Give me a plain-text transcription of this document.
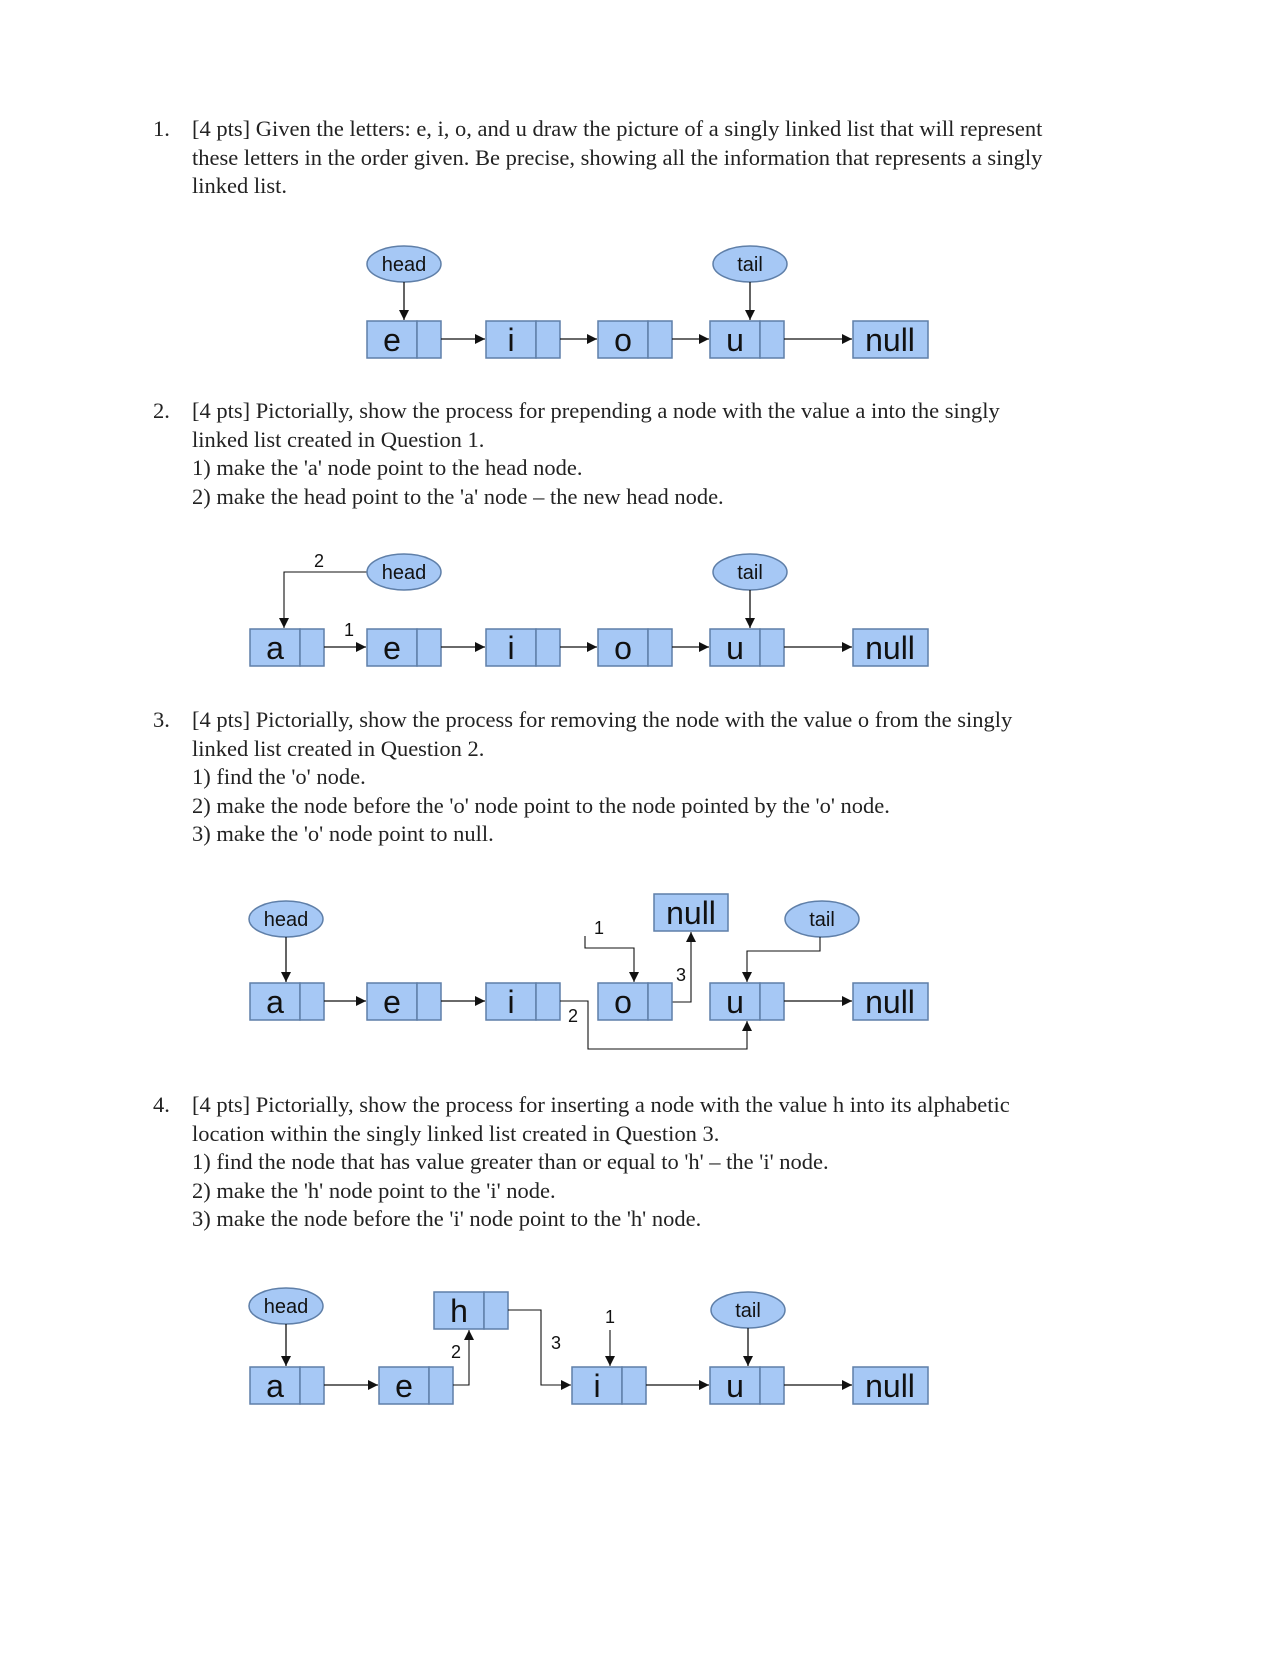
1. [4 pts] Given the letters: e, i, o, and u draw the picture of a singly linked list that will represent
these letters in the order given. Be precise, showing all the information that represents a singly
linked list.
head	tail
e	i	o	u	null
2. [4 pts] Pictorially, show the process for prepending a node with the value a into the singly
linked list created in Question 1.
1) make the 'a' node point to the head node.
2) make the head point to the 'a' node – the new head node.
2
head	tail
a	1 e	i	o	u	null
3. [4 pts] Pictorially, show the process for removing the node with the value o from the singly
linked list created in Question 2.
1) find the 'o' node.
2) make the node before the 'o' node point to the node pointed by the 'o' node.
3) make the 'o' node point to null.
head	null
3
1	tail
a	e	i	2 o	u	null
4. [4 pts] Pictorially, show the process for inserting a node with the value h into its alphabetic
location within the singly linked list created in Question 3.
1) find the node that has value greater than or equal to 'h' – the 'i' node.
2) make the 'h' node point to the 'i' node.
3) make the node before the 'i' node point to the 'h' node.
head	h
3
1	tail
a	e
2
i	u	null
